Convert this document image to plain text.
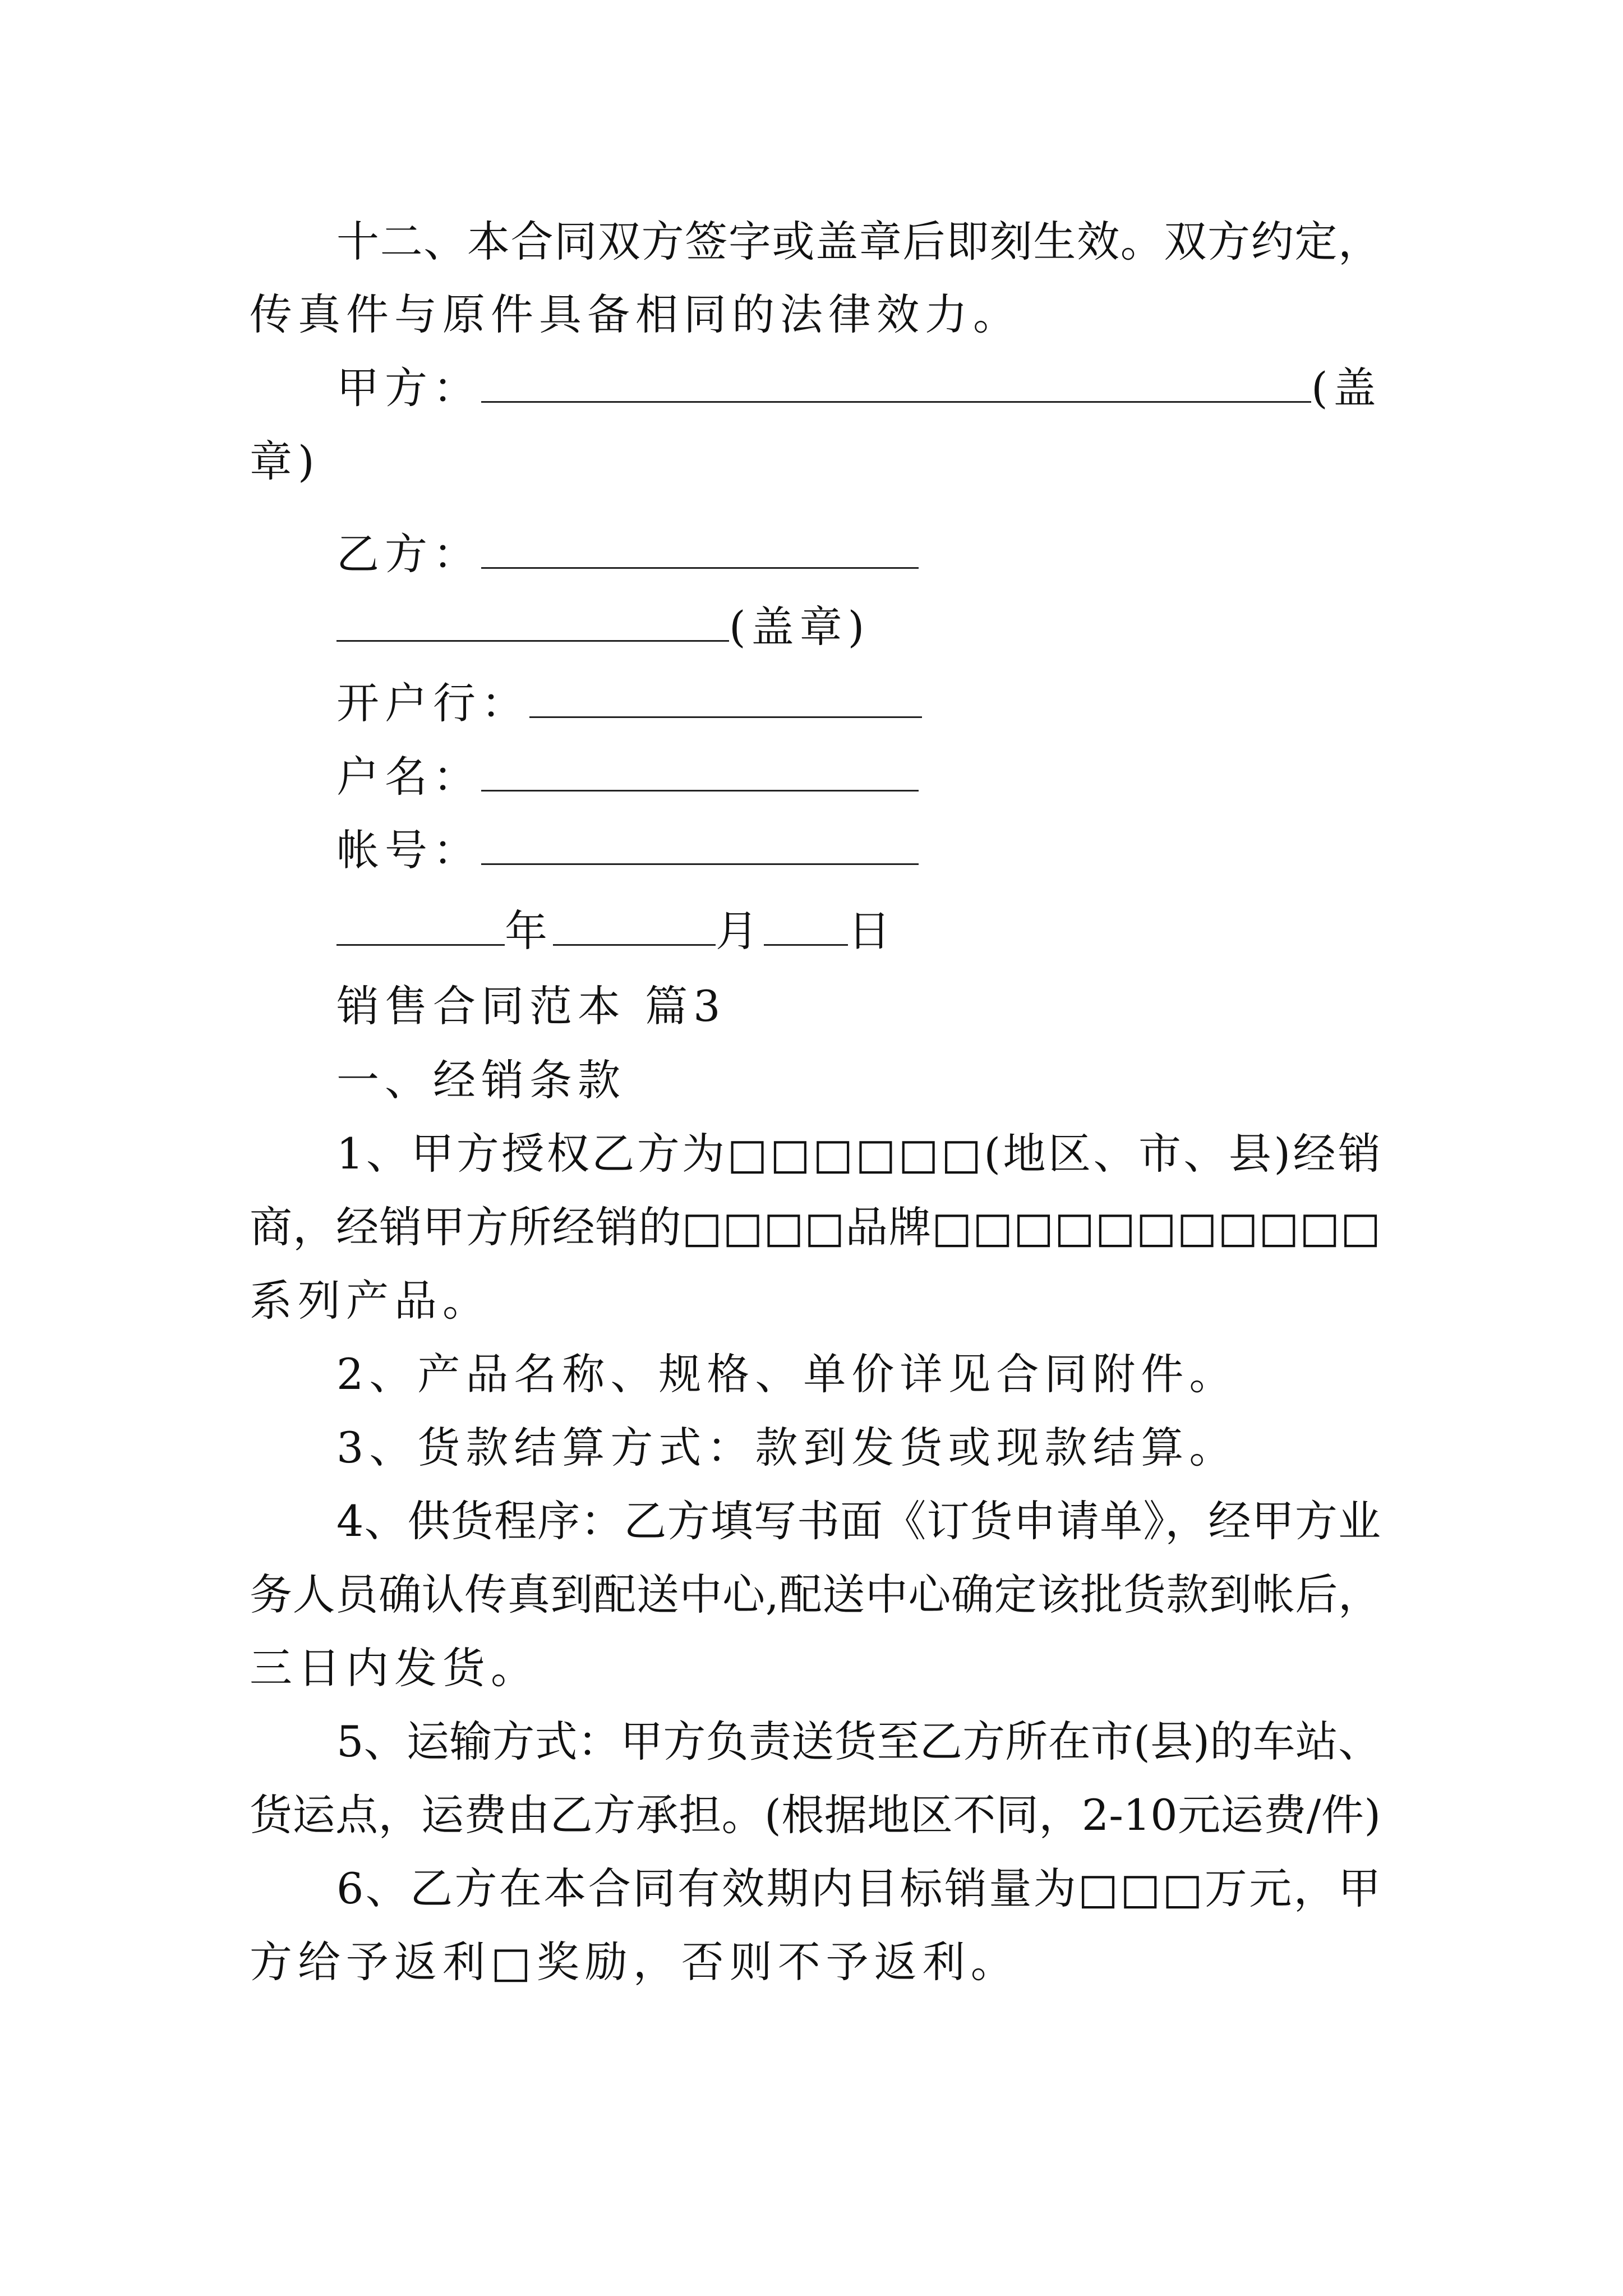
十二、本合同双方签字或盖章后即刻生效。双方约定，
传真件与原件具备相同的法律效力。
甲方：	(盖
章)
乙方：
(盖章)
开户行：
户名：
帐号：
年	月 日
销售合同范本 篇3
一、经销条款
1、甲方授权乙方为□□□□□□(地区、市、县)经销
商，经销甲方所经销的□□□□品牌□□□□□□□□□□□
系列产品。
2、产品名称、规格、单价详见合同附件。
3、货款结算方式：款到发货或现款结算。
4、供货程序：乙方填写书面《订货申请单》，经甲方业
务人员确认传真到配送中心,配送中心确定该批货款到帐后，
三日内发货。
5、运输方式：甲方负责送货至乙方所在市(县)的车站、
货运点，运费由乙方承担。(根据地区不同，2-10元运费/件)
6、乙方在本合同有效期内目标销量为□□□万元，甲
方给予返利□奖励，否则不予返利。
